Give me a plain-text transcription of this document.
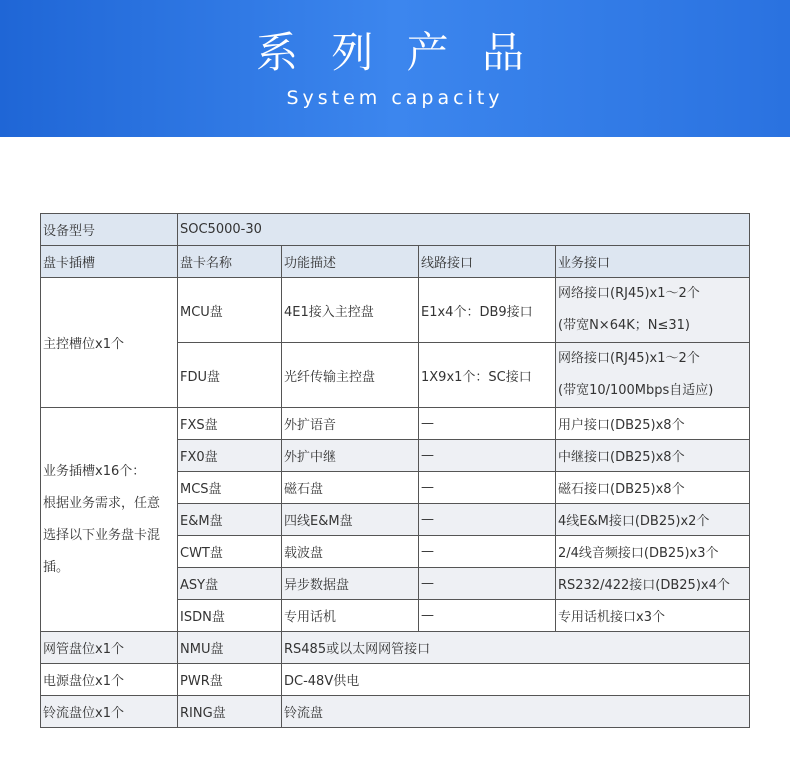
系 列 产 品
System capacity
设备型号	SOC5000-30			
盘卡插槽	盘卡名称	功能描述	线路接口	业务接口
主控槽位x1个	MCU盘	4E1接入主控盘	E1x4个：DB9接口	网络接口(RJ45)x1～2个
(带宽N×64K；N≤31)

	FDU盘	光纤传输主控盘	1X9x1个：SC接口	网络接口(RJ45)x1～2个
(带宽10/100Mbps自适应)

业务插槽x16个：
根据业务需求，任意
选择以下业务盘卡混
插。	FXS盘	外扩语音	—	用户接口(DB25)x8个
	FX0盘	外扩中继	—	中继接口(DB25)x8个
	MCS盘	磁石盘	—	磁石接口(DB25)x8个
	E&M盘	四线E&M盘	—	4线E&M接口(DB25)x2个
	CWT盘	载波盘	—	2/4线音频接口(DB25)x3个
	ASY盘	异步数据盘	—	RS232/422接口(DB25)x4个
	ISDN盘	专用话机	—	专用话机接口x3个
网管盘位x1个	NMU盘	RS485或以太网网管接口		
电源盘位x1个	PWR盘	DC-48V供电		
铃流盘位x1个	RING盘	铃流盘		
